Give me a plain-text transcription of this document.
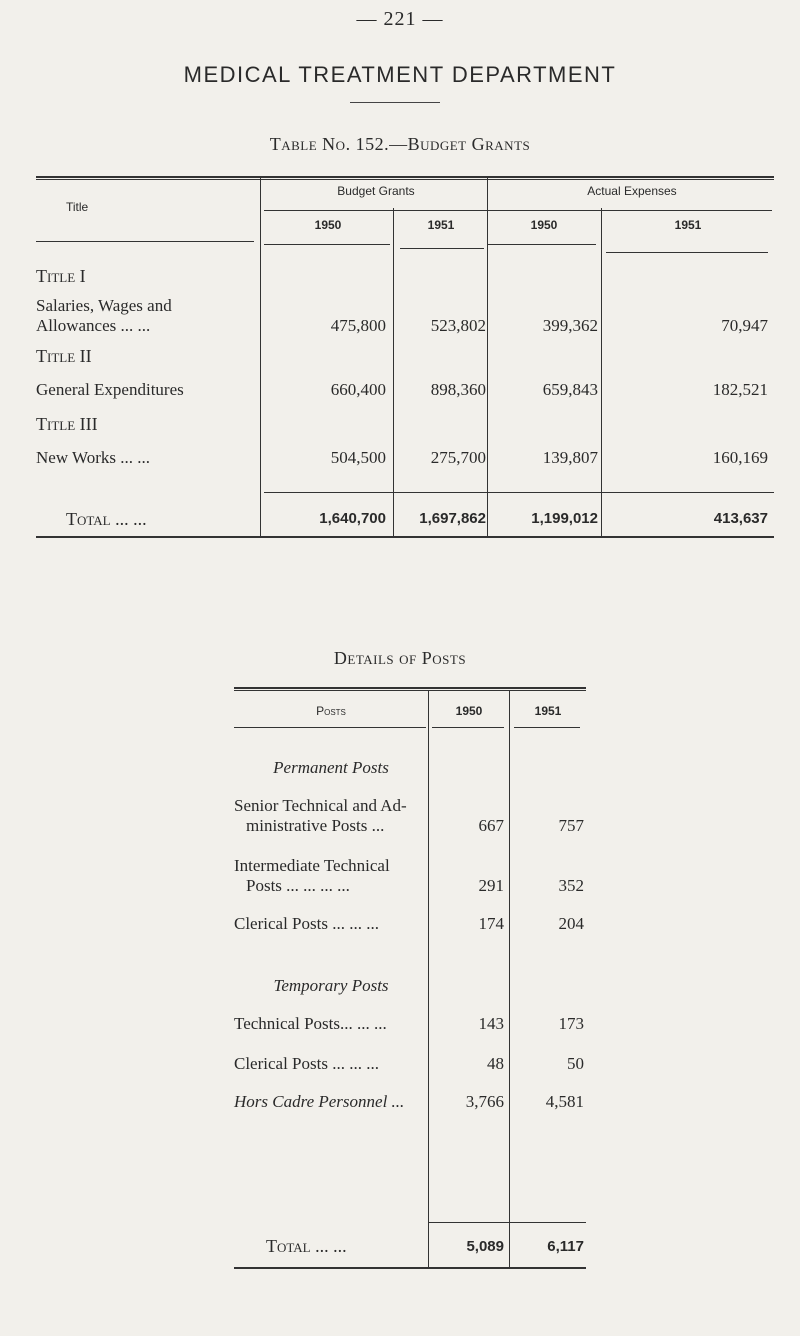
— 221 —
MEDICAL TREATMENT DEPARTMENT
Table No. 152.—Budget Grants
Title
Budget Grants	Actual Expenses
1950	1951	1950	1951
Title I
Salaries, Wages and
Allowances ... ...	475,800	523,802	399,362	70,947
Title II
General Expenditures	660,400	898,360	659,843	182,521
Title III
New Works ... ...	504,500	275,700	139,807	160,169
Total ... ...	1,640,700	1,697,862	1,199,012	413,637
Details of Posts
Posts	1950	1951
Permanent Posts
Senior Technical and Ad-
ministrative Posts ...	667	757
Intermediate Technical
Posts ... ... ... ...	291	352
Clerical Posts ... ... ...	174	204
Temporary Posts
Technical Posts... ... ...	143	173
Clerical Posts ... ... ...	48	50
Hors Cadre Personnel ...	3,766	4,581
Total ... ...	5,089	6,117
